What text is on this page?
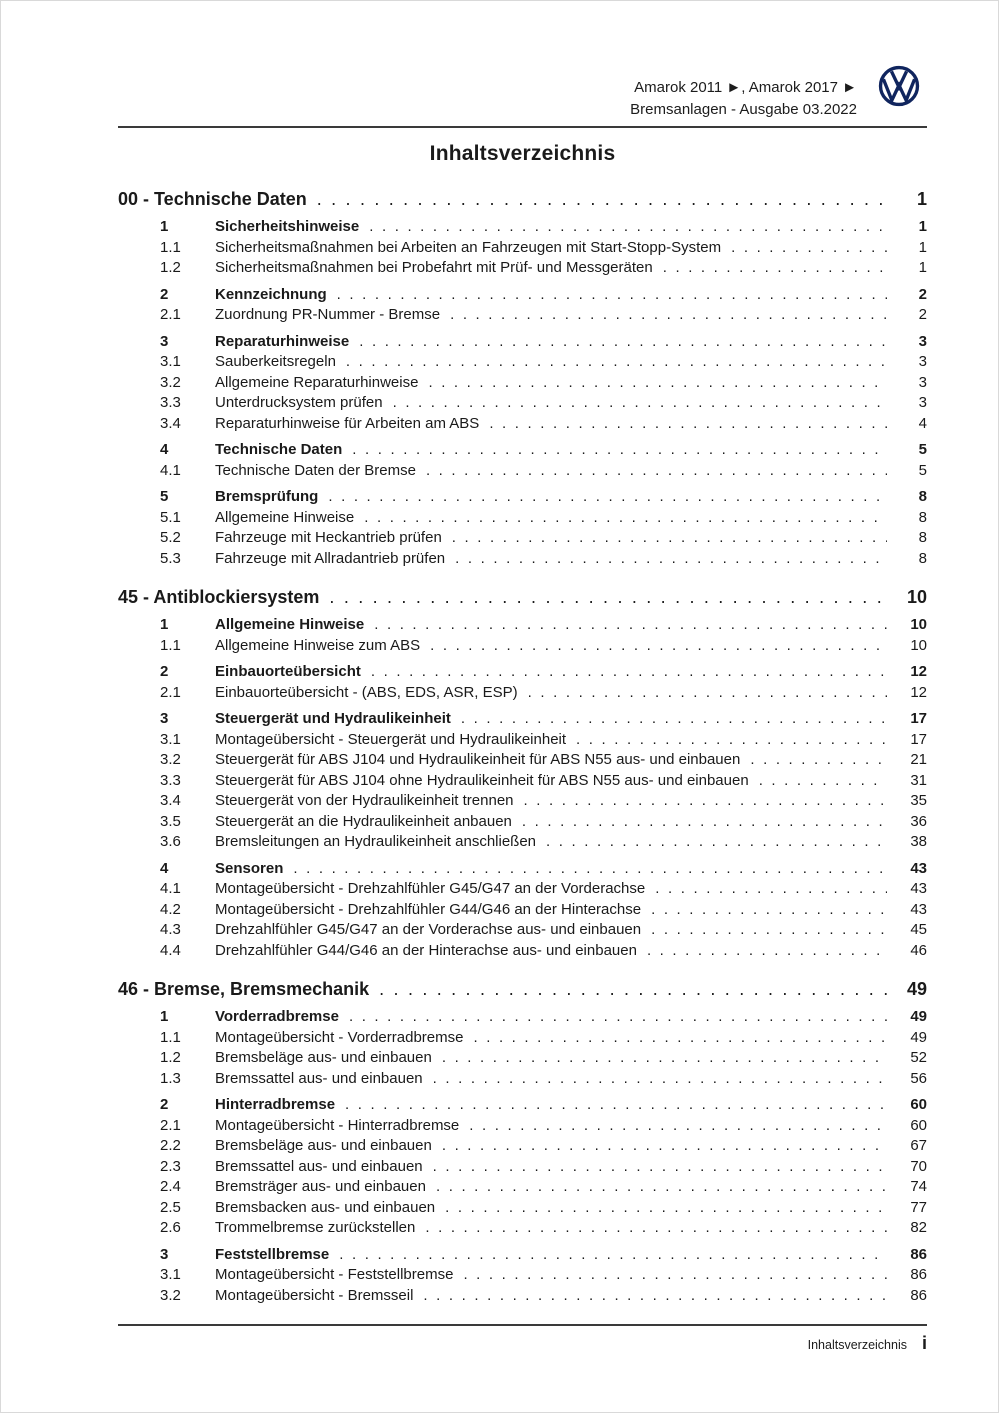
Amarok 2011 ►, Amarok 2017 ►
Bremsanlagen - Ausgabe 03.2022
Inhaltsverzeichnis
00 - Technische Daten . . .	1
1	Sicherheitshinweise . . .	1
1.1	Sicherheitsmaßnahmen bei Arbeiten an Fahrzeugen mit Start-Stopp-System . . .	1
1.2	Sicherheitsmaßnahmen bei Probefahrt mit Prüf- und Messgeräten . . .	1
2	Kennzeichnung . . .	2
2.1	Zuordnung PR-Nummer - Bremse . . .	2
3	Reparaturhinweise . . .	3
3.1	Sauberkeitsregeln . . .	3
3.2	Allgemeine Reparaturhinweise . . .	3
3.3	Unterdrucksystem prüfen . . .	3
3.4	Reparaturhinweise für Arbeiten am ABS . . .	4
4	Technische Daten . . .	5
4.1	Technische Daten der Bremse . . .	5
5	Bremsprüfung . . .	8
5.1	Allgemeine Hinweise . . .	8
5.2	Fahrzeuge mit Heckantrieb prüfen . . .	8
5.3	Fahrzeuge mit Allradantrieb prüfen . . .	8
45 - Antiblockiersystem . . .	10
1	Allgemeine Hinweise . . .	10
1.1	Allgemeine Hinweise zum ABS . . .	10
2	Einbauorteübersicht . . .	12
2.1	Einbauorteübersicht - (ABS, EDS, ASR, ESP) . . .	12
3	Steuergerät und Hydraulikeinheit . . .	17
3.1	Montageübersicht - Steuergerät und Hydraulikeinheit . . .	17
3.2	Steuergerät für ABS J104 und Hydraulikeinheit für ABS N55 aus- und einbauen . . .	21
3.3	Steuergerät für ABS J104 ohne Hydraulikeinheit für ABS N55 aus- und einbauen . . .	31
3.4	Steuergerät von der Hydraulikeinheit trennen . . .	35
3.5	Steuergerät an die Hydraulikeinheit anbauen . . .	36
3.6	Bremsleitungen an Hydraulikeinheit anschließen . . .	38
4	Sensoren . . .	43
4.1	Montageübersicht - Drehzahlfühler G45/G47 an der Vorderachse . . .	43
4.2	Montageübersicht - Drehzahlfühler G44/G46 an der Hinterachse . . .	43
4.3	Drehzahlfühler G45/G47 an der Vorderachse aus- und einbauen . . .	45
4.4	Drehzahlfühler G44/G46 an der Hinterachse aus- und einbauen . . .	46
46 - Bremse, Bremsmechanik . . .	49
1	Vorderradbremse . . .	49
1.1	Montageübersicht - Vorderradbremse . . .	49
1.2	Bremsbeläge aus- und einbauen . . .	52
1.3	Bremssattel aus- und einbauen . . .	56
2	Hinterradbremse . . .	60
2.1	Montageübersicht - Hinterradbremse . . .	60
2.2	Bremsbeläge aus- und einbauen . . .	67
2.3	Bremssattel aus- und einbauen . . .	70
2.4	Bremsträger aus- und einbauen . . .	74
2.5	Bremsbacken aus- und einbauen . . .	77
2.6	Trommelbremse zurückstellen . . .	82
3	Feststellbremse . . .	86
3.1	Montageübersicht - Feststellbremse . . .	86
3.2	Montageübersicht - Bremsseil . . .	86
Inhaltsverzeichnis i
